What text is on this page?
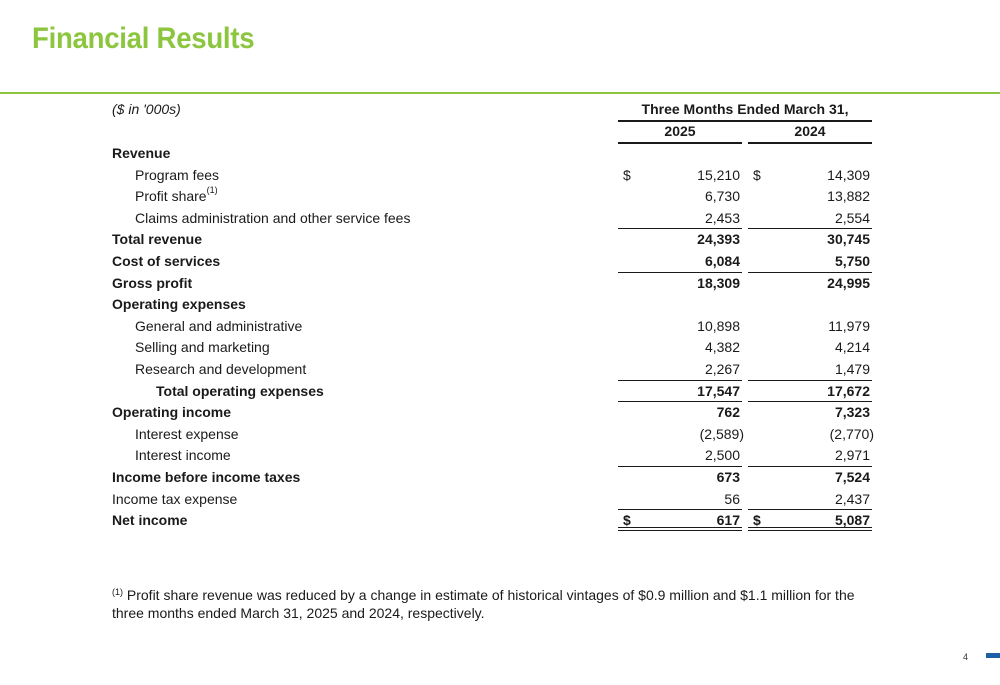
Financial Results
($ in '000s)	Three Months Ended March 31,
2025	2024
Revenue
Program fees	$	15,210 $	14,309
Profit share$^{(1)}$	6,730	13,882
Claims administration and other service fees	2,453	2,554
Total revenue	24,393	30,745
Cost of services	6,084	5,750
Gross profit	18,309	24,995
Operating expenses
General and administrative	10,898	11,979
Selling and marketing	4,382	4,214
Research and development	2,267	1,479
Total operating expenses	17,547	17,672
Operating income	762	7,323
Interest expense	(2,589)	(2,770)
Interest income	2,500	2,971
Income before income taxes	673	7,524
Income tax expense	56	2,437
Net income	$	617 $	5,087
$^{(1)}$ Profit share revenue was reduced by a change in estimate of historical vintages of $0.9 million and $1.1 million for the three months ended March 31, 2025 and 2024, respectively.
4
